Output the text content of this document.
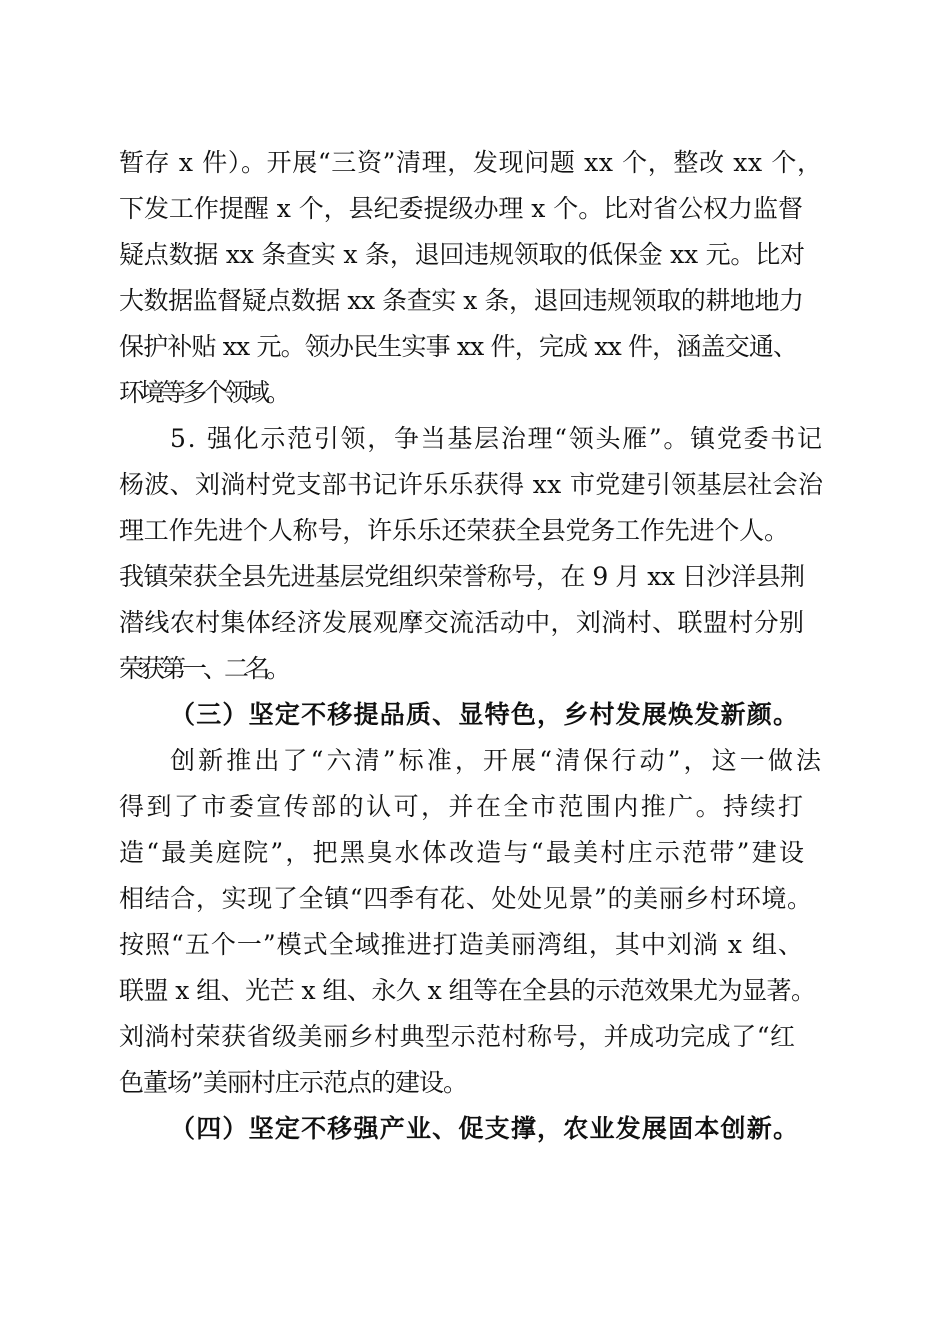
暂存 x 件）。开展“三资”清理，发现问题 xx 个，整改 xx 个，
下发工作提醒 x 个，县纪委提级办理 x 个。比对省公权力监督
疑点数据 xx 条查实 x 条，退回违规领取的低保金 xx 元。比对
大数据监督疑点数据 xx 条查实 x 条，退回违规领取的耕地地力
保护补贴 xx 元。领办民生实事 xx 件，完成 xx 件，涵盖交通、
环境等多个领域。
5. 强化示范引领，争当基层治理“领头雁”。镇党委书记
杨波、刘淌村党支部书记许乐乐获得 xx 市党建引领基层社会治
理工作先进个人称号，许乐乐还荣获全县党务工作先进个人。
我镇荣获全县先进基层党组织荣誉称号，在 9 月 xx 日沙洋县荆
潜线农村集体经济发展观摩交流活动中，刘淌村、联盟村分别
荣获第一、二名。
（三）坚定不移提品质、显特色，乡村发展焕发新颜。
创新推出了“六清”标准，开展“清保行动”，这一做法
得到了市委宣传部的认可，并在全市范围内推广。持续打
造“最美庭院”，把黑臭水体改造与“最美村庄示范带”建设
相结合，实现了全镇“四季有花、处处见景”的美丽乡村环境。
按照“五个一”模式全域推进打造美丽湾组，其中刘淌 x 组、
联盟 x 组、光芒 x 组、永久 x 组等在全县的示范效果尤为显著。
刘淌村荣获省级美丽乡村典型示范村称号，并成功完成了“红
色董场”美丽村庄示范点的建设。
（四）坚定不移强产业、促支撑，农业发展固本创新。
